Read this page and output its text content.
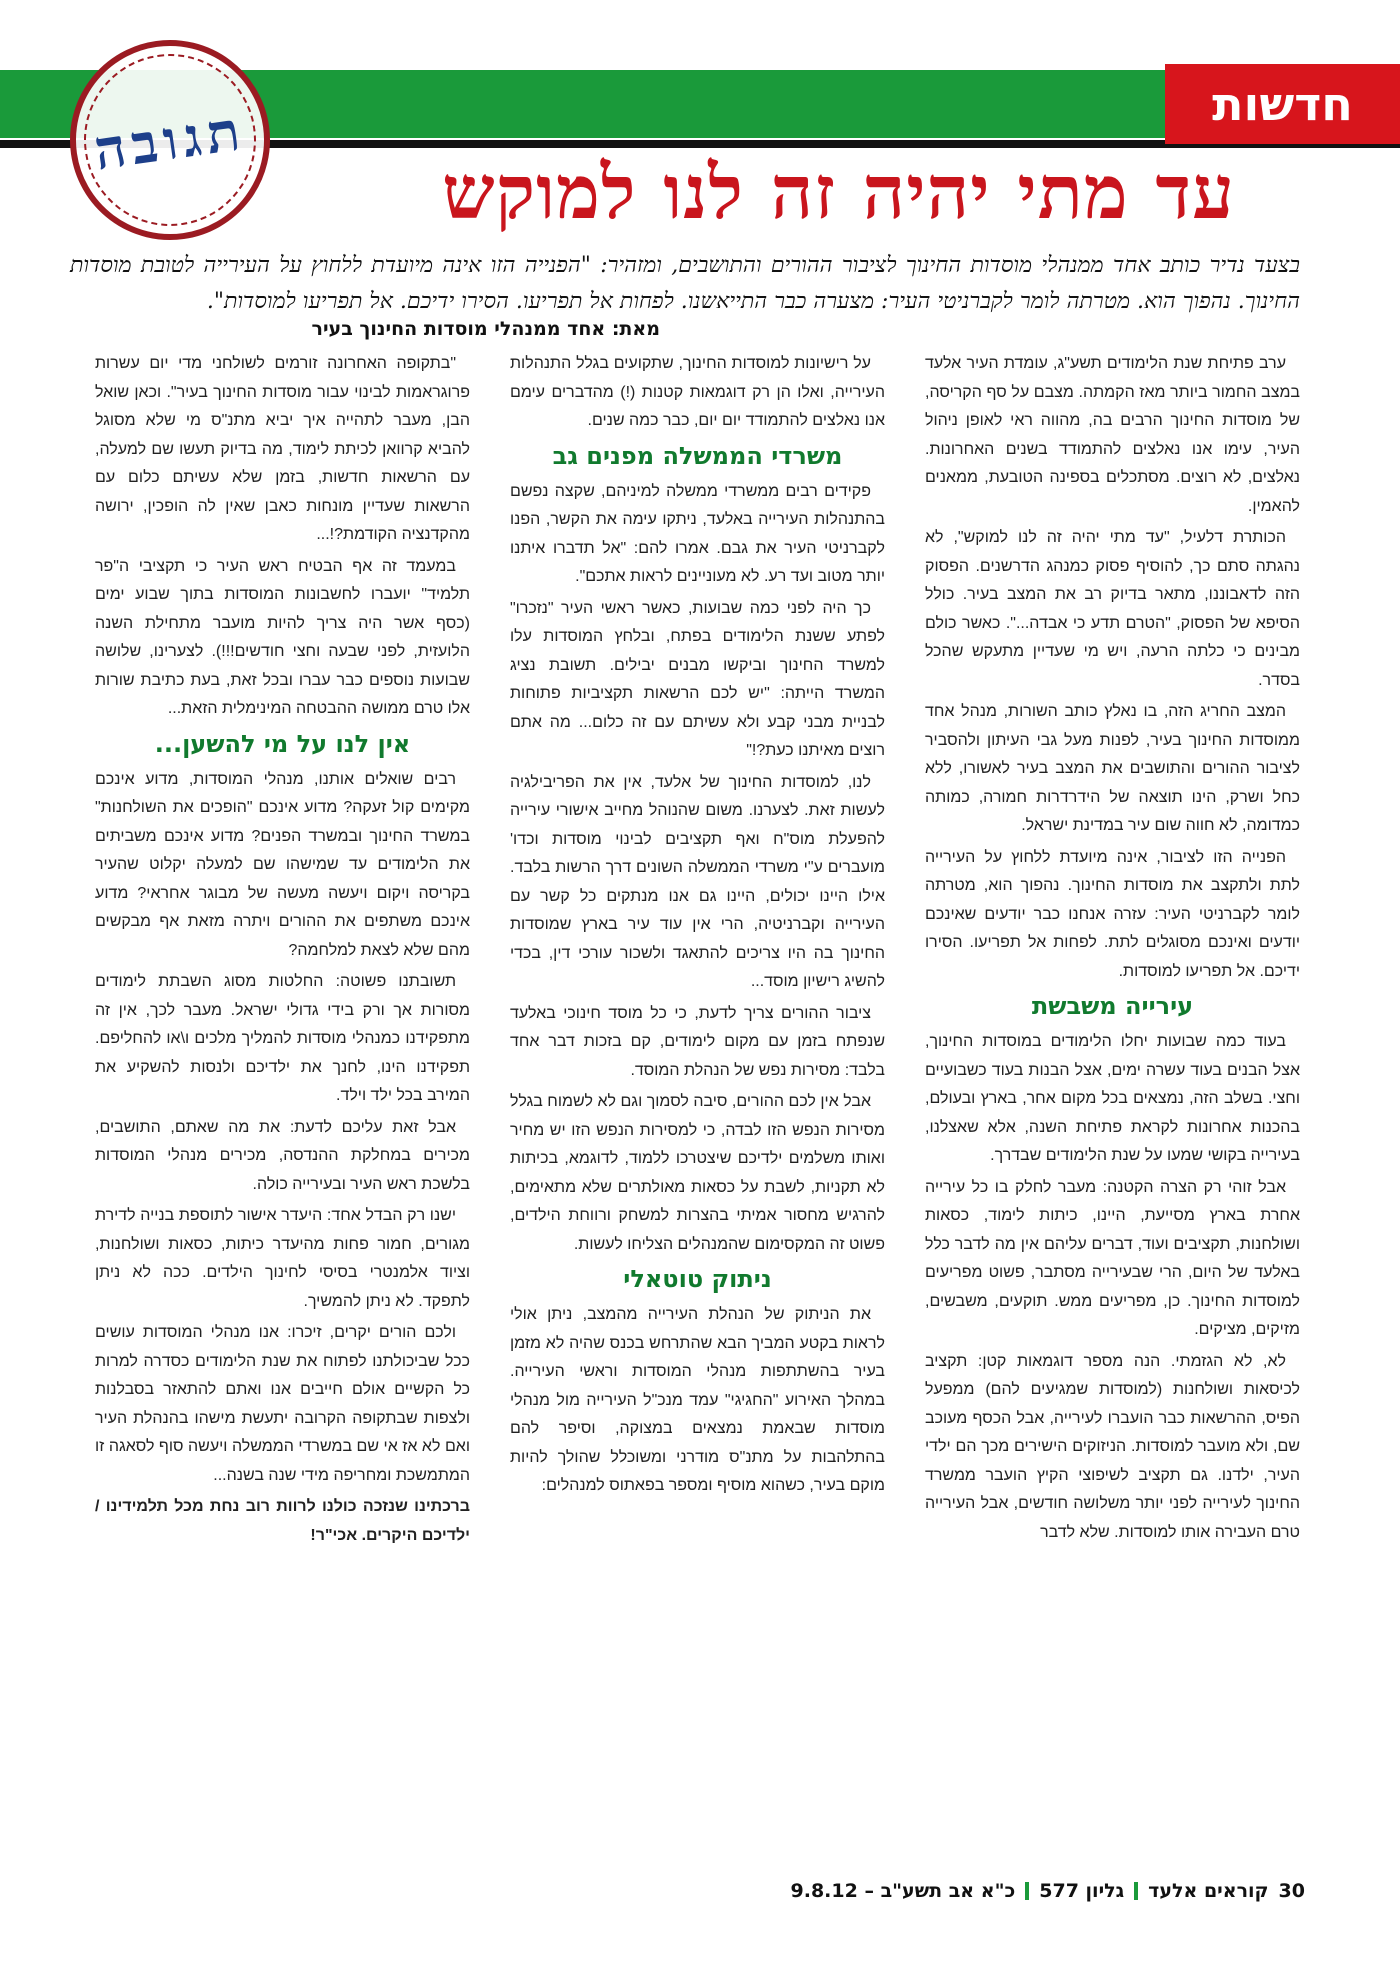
חדשות
תגובה
עד מתי יהיה זה לנו למוקש
בצעד נדיר כותב אחד ממנהלי מוסדות החינוך לציבור ההורים והתושבים, ומזהיר: "הפנייה הזו אינה מיועדת ללחוץ על העירייה לטובת מוסדות החינוך. נהפוך הוא. מטרתה לומר לקברניטי העיר: מצערה כבר התייאשנו. לפחות אל תפריעו. הסירו ידיכם. אל תפריעו למוסדות".
מאת: אחד ממנהלי מוסדות החינוך בעיר

ערב פתיחת שנת הלימודים תשע"ג, עומדת העיר אלעד במצב החמור ביותר מאז הקמתה. מצבם על סף הקריסה, של מוסדות החינוך הרבים בה, מהווה ראי לאופן ניהול העיר, עימו אנו נאלצים להתמודד בשנים האחרונות. נאלצים, לא רוצים. מסתכלים בספינה הטובעת, ממאנים להאמין.

הכותרת דלעיל, "עד מתי יהיה זה לנו למוקש", לא נהגתה סתם כך, להוסיף פסוק כמנהג הדרשנים. הפסוק הזה לדאבוננו, מתאר בדיוק רב את המצב בעיר. כולל הסיפא של הפסוק, "הטרם תדע כי אבדה...". כאשר כולם מבינים כי כלתה הרעה, ויש מי שעדיין מתעקש שהכל בסדר.

המצב החריג הזה, בו נאלץ כותב השורות, מנהל אחד ממוסדות החינוך בעיר, לפנות מעל גבי העיתון ולהסביר לציבור ההורים והתושבים את המצב בעיר לאשורו, ללא כחל ושרק, הינו תוצאה של הידרדרות חמורה, כמותה כמדומה, לא חווה שום עיר במדינת ישראל.

הפנייה הזו לציבור, אינה מיועדת ללחוץ על העירייה לתת ולתקצב את מוסדות החינוך. נהפוך הוא, מטרתה לומר לקברניטי העיר: עזרה אנחנו כבר יודעים שאינכם יודעים ואינכם מסוגלים לתת. לפחות אל תפריעו. הסירו ידיכם. אל תפריעו למוסדות.

עירייה משבשת

בעוד כמה שבועות יחלו הלימודים במוסדות החינוך, אצל הבנים בעוד עשרה ימים, אצל הבנות בעוד כשבועיים וחצי. בשלב הזה, נמצאים בכל מקום אחר, בארץ ובעולם, בהכנות אחרונות לקראת פתיחת השנה, אלא שאצלנו, בעירייה בקושי שמעו על שנת הלימודים שבדרך.

אבל זוהי רק הצרה הקטנה: מעבר לחלק בו כל עירייה אחרת בארץ מסייעת, היינו, כיתות לימוד, כסאות ושולחנות, תקציבים ועוד, דברים עליהם אין מה לדבר כלל באלעד של היום, הרי שבעירייה מסתבר, פשוט מפריעים למוסדות החינוך. כן, מפריעים ממש. תוקעים, משבשים, מזיקים, מציקים.

לא, לא הגזמתי. הנה מספר דוגמאות קטן: תקציב לכיסאות ושולחנות (למוסדות שמגיעים להם) ממפעל הפיס, ההרשאות כבר הועברו לעירייה, אבל הכסף מעוכב שם, ולא מועבר למוסדות. הניזוקים הישירים מכך הם ילדי העיר, ילדנו. גם תקציב לשיפוצי הקיץ הועבר ממשרד החינוך לעירייה לפני יותר משלושה חודשים, אבל העירייה טרם העבירה אותו למוסדות. שלא לדבר

על רישיונות למוסדות החינוך, שתקועים בגלל התנהלות העירייה, ואלו הן רק דוגמאות קטנות (!) מהדברים עימם אנו נאלצים להתמודד יום יום, כבר כמה שנים.

משרדי הממשלה מפנים גב

פקידים רבים ממשרדי ממשלה למיניהם, שקצה נפשם בהתנהלות העירייה באלעד, ניתקו עימה את הקשר, הפנו לקברניטי העיר את גבם. אמרו להם: "אל תדברו איתנו יותר מטוב ועד רע. לא מעוניינים לראות אתכם".

כך היה לפני כמה שבועות, כאשר ראשי העיר "נזכרו" לפתע ששנת הלימודים בפתח, ובלחץ המוסדות עלו למשרד החינוך וביקשו מבנים יבילים. תשובת נציג המשרד הייתה: "יש לכם הרשאות תקציביות פתוחות לבניית מבני קבע ולא עשיתם עם זה כלום... מה אתם רוצים מאיתנו כעת?!"

לנו, למוסדות החינוך של אלעד, אין את הפריבילגיה לעשות זאת. לצערנו. משום שהנוהל מחייב אישורי עירייה להפעלת מוס"ח ואף תקציבים לבינוי מוסדות וכדו' מועברים ע"י משרדי הממשלה השונים דרך הרשות בלבד. אילו היינו יכולים, היינו גם אנו מנתקים כל קשר עם העירייה וקברניטיה, הרי אין עוד עיר בארץ שמוסדות החינוך בה היו צריכים להתאגד ולשכור עורכי דין, בכדי להשיג רישיון מוסד...

ציבור ההורים צריך לדעת, כי כל מוסד חינוכי באלעד שנפתח בזמן עם מקום לימודים, קם בזכות דבר אחד בלבד: מסירות נפש של הנהלת המוסד.

אבל אין לכם ההורים, סיבה לסמוך וגם לא לשמוח בגלל מסירות הנפש הזו לבדה, כי למסירות הנפש הזו יש מחיר ואותו משלמים ילדיכם שיצטרכו ללמוד, לדוגמא, בכיתות לא תקניות, לשבת על כסאות מאולתרים שלא מתאימים, להרגיש מחסור אמיתי בהצרות למשחק ורווחת הילדים, פשוט זה המקסימום שהמנהלים הצליחו לעשות.

ניתוק טוטאלי

את הניתוק של הנהלת העירייה מהמצב, ניתן אולי לראות בקטע המביך הבא שהתרחש בכנס שהיה לא מזמן בעיר בהשתתפות מנהלי המוסדות וראשי העירייה. במהלך האירוע "החגיגי" עמד מנכ"ל העירייה מול מנהלי מוסדות שבאמת נמצאים במצוקה, וסיפר להם בהתלהבות על מתנ"ס מודרני ומשוכלל שהולך להיות מוקם בעיר, כשהוא מוסיף ומספר בפאתוס למנהלים:

"בתקופה האחרונה זורמים לשולחני מדי יום עשרות פרוגראמות לבינוי עבור מוסדות החינוך בעיר". וכאן שואל הבן, מעבר לתהייה איך יביא מתנ"ס מי שלא מסוגל להביא קרוואן לכיתת לימוד, מה בדיוק תעשו שם למעלה, עם הרשאות חדשות, בזמן שלא עשיתם כלום עם הרשאות שעדיין מונחות כאבן שאין לה הופכין, ירושה מהקדנציה הקודמת?!...

במעמד זה אף הבטיח ראש העיר כי תקציבי ה"פר תלמיד" יועברו לחשבונות המוסדות בתוך שבוע ימים (כסף אשר היה צריך להיות מועבר מתחילת השנה הלועזית, לפני שבעה וחצי חודשים!!!). לצערינו, שלושה שבועות נוספים כבר עברו ובכל זאת, בעת כתיבת שורות אלו טרם ממושה ההבטחה המינימלית הזאת...

אין לנו על מי להשען...

רבים שואלים אותנו, מנהלי המוסדות, מדוע אינכם מקימים קול זעקה? מדוע אינכם "הופכים את השולחנות" במשרד החינוך ובמשרד הפנים? מדוע אינכם משביתים את הלימודים עד שמישהו שם למעלה יקלוט שהעיר בקריסה ויקום ויעשה מעשה של מבוגר אחראי? מדוע אינכם משתפים את ההורים ויתרה מזאת אף מבקשים מהם שלא לצאת למלחמה?

תשובתנו פשוטה: החלטות מסוג השבתת לימודים מסורות אך ורק בידי גדולי ישראל. מעבר לכך, אין זה מתפקידנו כמנהלי מוסדות להמליך מלכים ו\או להחליפם. תפקידנו הינו, לחנך את ילדיכם ולנסות להשקיע את המירב בכל ילד וילד.

אבל זאת עליכם לדעת: את מה שאתם, התושבים, מכירים במחלקת ההנדסה, מכירים מנהלי המוסדות בלשכת ראש העיר ובעירייה כולה.

ישנו רק הבדל אחד: היעדר אישור לתוספת בנייה לדירת מגורים, חמור פחות מהיעדר כיתות, כסאות ושולחנות, וציוד אלמנטרי בסיסי לחינוך הילדים. ככה לא ניתן לתפקד. לא ניתן להמשיך.

ולכם הורים יקרים, זיכרו: אנו מנהלי המוסדות עושים ככל שביכולתנו לפתוח את שנת הלימודים כסדרה למרות כל הקשיים אולם חייבים אנו ואתם להתאזר בסבלנות ולצפות שבתקופה הקרובה יתעשת מישהו בהנהלת העיר ואם לא אז אי שם במשרדי הממשלה ויעשה סוף לסאגה זו המתמשכת ומחריפה מידי שנה בשנה...

ברכתינו שנזכה כולנו לרוות רוב נחת מכל תלמידינו / ילדיכם היקרים. אכי"ר!

30
קוראים אלעד
גליון 577
כ"א אב תשע"ב – 9.8.12
